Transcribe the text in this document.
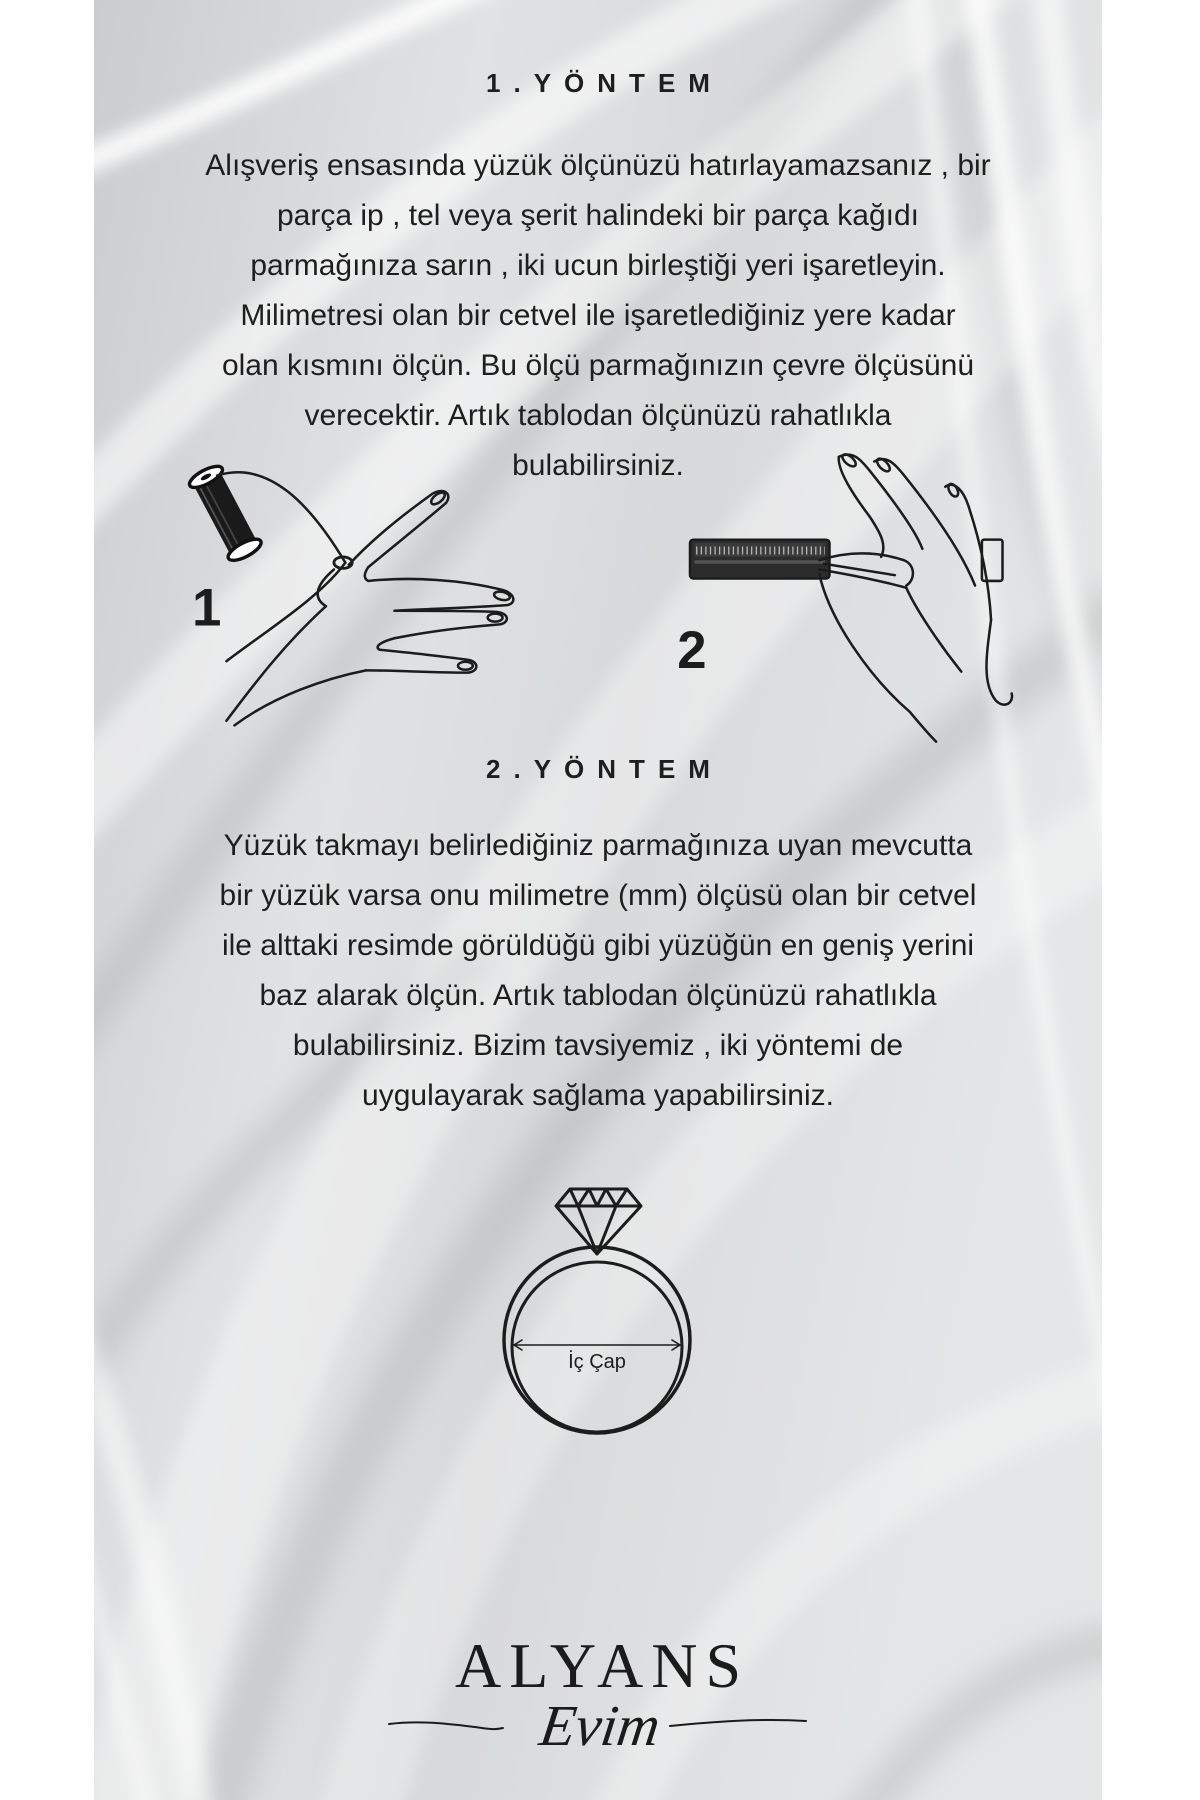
1.YÖNTEM
Alışveriş ensasında yüzük ölçünüzü hatırlayamazsanız , bir
parça ip , tel veya şerit halindeki bir parça kağıdı
parmağınıza sarın , iki ucun birleştiği yeri işaretleyin.
Milimetresi olan bir cetvel ile işaretlediğiniz yere kadar
olan kısmını ölçün. Bu ölçü parmağınızın çevre ölçüsünü
verecektir. Artık tablodan ölçünüzü rahatlıkla
bulabilirsiniz.
1
2
2.YÖNTEM
Yüzük takmayı belirlediğiniz parmağınıza uyan mevcutta
bir yüzük varsa onu milimetre (mm) ölçüsü olan bir cetvel
ile alttaki resimde görüldüğü gibi yüzüğün en geniş yerini
baz alarak ölçün. Artık tablodan ölçünüzü rahatlıkla
bulabilirsiniz. Bizim tavsiyemiz , iki yöntemi de
uygulayarak sağlama yapabilirsiniz.
İç Çap
ALYANS
Evim
